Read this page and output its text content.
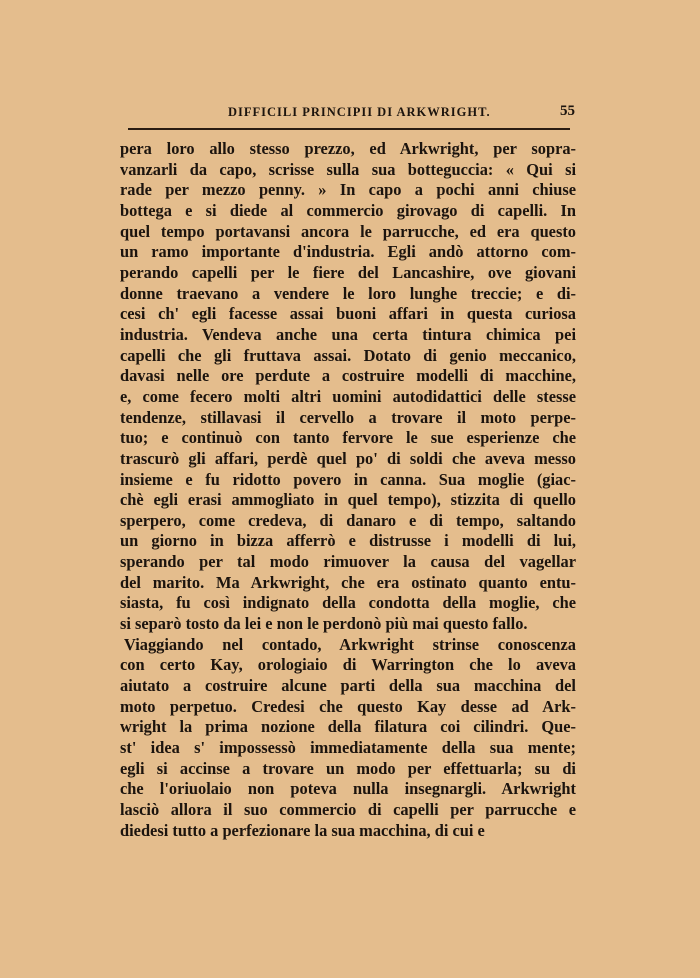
DIFFICILI PRINCIPII DI ARKWRIGHT.	55
pera loro allo stesso prezzo, ed Arkwright, per sopra-
vanzarli da capo, scrisse sulla sua botteguccia: « Qui si
rade per mezzo penny. » In capo a pochi anni chiuse
bottega e si diede al commercio girovago di capelli. In
quel tempo portavansi ancora le parrucche, ed era questo
un ramo importante d'industria. Egli andò attorno com-
perando capelli per le fiere del Lancashire, ove giovani
donne traevano a vendere le loro lunghe treccie; e di-
cesi ch' egli facesse assai buoni affari in questa curiosa
industria. Vendeva anche una certa tintura chimica pei
capelli che gli fruttava assai. Dotato di genio meccanico,
davasi nelle ore perdute a costruire modelli di macchine,
e, come fecero molti altri uomini autodidattici delle stesse
tendenze, stillavasi il cervello a trovare il moto perpe-
tuo; e continuò con tanto fervore le sue esperienze che
trascurò gli affari, perdè quel po' di soldi che aveva messo
insieme e fu ridotto povero in canna. Sua moglie (giac-
chè egli erasi ammogliato in quel tempo), stizzita di quello
sperpero, come credeva, di danaro e di tempo, saltando
un giorno in bizza afferrò e distrusse i modelli di lui,
sperando per tal modo rimuover la causa del vagellar
del marito. Ma Arkwright, che era ostinato quanto entu-
siasta, fu così indignato della condotta della moglie, che
si separò tosto da lei e non le perdonò più mai questo fallo.
Viaggiando nel contado, Arkwright strinse conoscenza
con certo Kay, orologiaio di Warrington che lo aveva
aiutato a costruire alcune parti della sua macchina del
moto perpetuo. Credesi che questo Kay desse ad Ark-
wright la prima nozione della filatura coi cilindri. Que-
st' idea s' impossessò immediatamente della sua mente;
egli si accinse a trovare un modo per effettuarla; su di
che l'oriuolaio non poteva nulla insegnargli. Arkwright
lasciò allora il suo commercio di capelli per parrucche e
diedesi tutto a perfezionare la sua macchina, di cui e
